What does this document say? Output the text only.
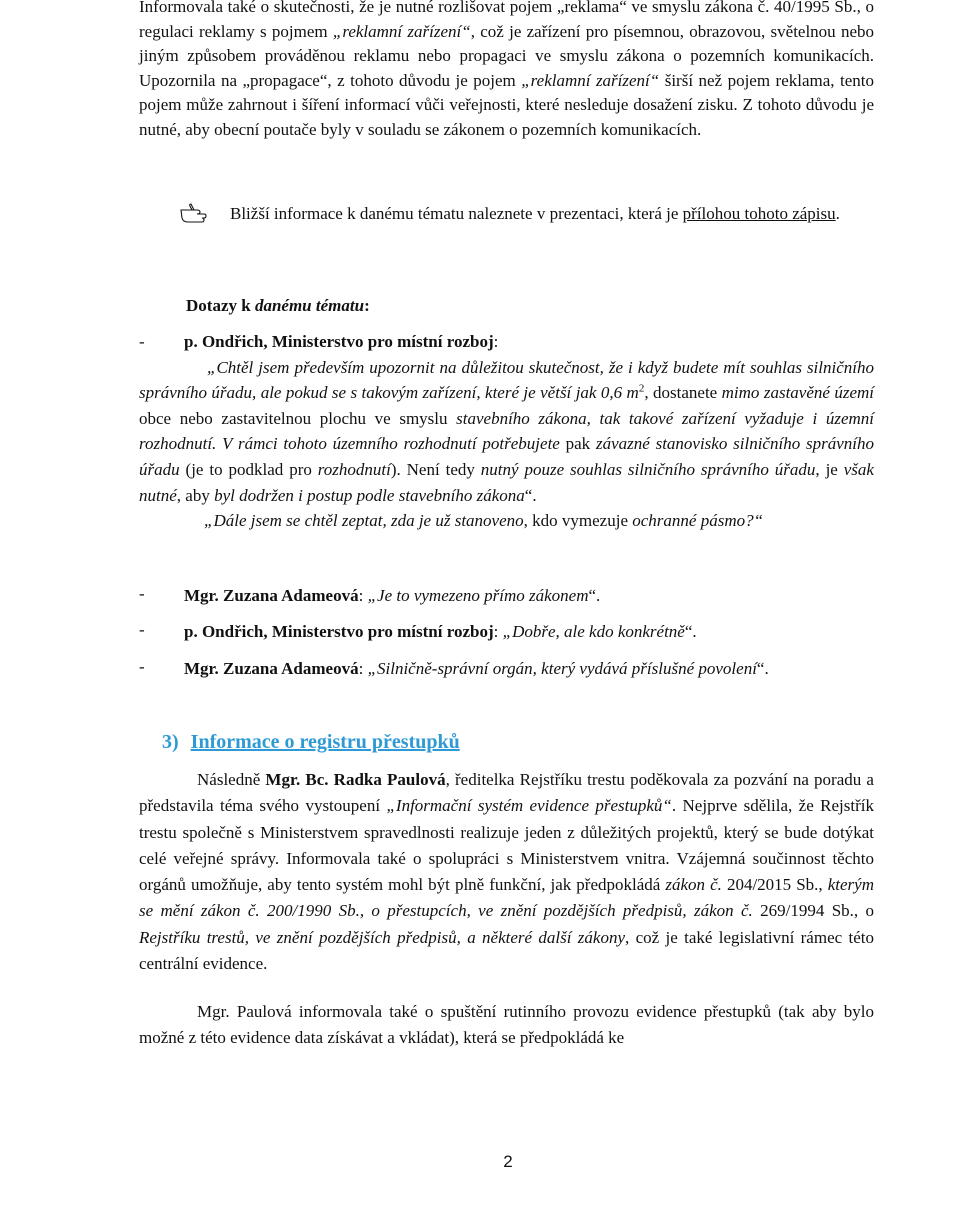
Informovala také o skutečnosti, že je nutné rozlišovat pojem „reklama“ ve smyslu zákona č. 40/1995 Sb., o regulaci reklamy s pojmem „reklamní zařízení“, což je zařízení pro písemnou, obrazovou, světelnou nebo jiným způsobem prováděnou reklamu nebo propagaci ve smyslu zákona o pozemních komunikacích. Upozornila na „propagace“, z tohoto důvodu je pojem „reklamní zařízení“ širší než pojem reklama, tento pojem může zahrnout i šíření informací vůči veřejnosti, které nesleduje dosažení zisku. Z tohoto důvodu je nutné, aby obecní poutače byly v souladu se zákonem o pozemních komunikacích.

Bližší informace k danému tématu naleznete v prezentaci, která je přílohou tohoto zápisu.
Dotazy k danému tématu:
-	p. Ondřich, Ministerstvo pro místní rozboj:

„Chtěl jsem především upozornit na důležitou skutečnost, že i když budete mít souhlas silničního správního úřadu, ale pokud se s takovým zařízení, které je větší jak 0,6 $m^2$, dostanete mimo zastavěné území obce nebo zastavitelnou plochu ve smyslu stavebního zákona, tak takové zařízení vyžaduje i územní rozhodnutí. V rámci tohoto územního rozhodnutí potřebujete pak závazné stanovisko silničního správního úřadu (je to podklad pro rozhodnutí). Není tedy nutný pouze souhlas silničního správního úřadu, je však nutné, aby byl dodržen i postup podle stavebního zákona“.

„Dále jsem se chtěl zeptat, zda je už stanoveno, kdo vymezuje ochranné pásmo?“

-	Mgr. Zuzana Adameová: „Je to vymezeno přímo zákonem“.
-	p. Ondřich, Ministerstvo pro místní rozboj: „Dobře, ale kdo konkrétně“.
-	Mgr. Zuzana Adameová: „Silničně-správní orgán, který vydává příslušné povolení“.
3) Informace o registru přestupků

Následně Mgr. Bc. Radka Paulová, ředitelka Rejstříku trestu poděkovala za pozvání na poradu a představila téma svého vystoupení „Informační systém evidence přestupků“. Nejprve sdělila, že Rejstřík trestu společně s Ministerstvem spravedlnosti realizuje jeden z důležitých projektů, který se bude dotýkat celé veřejné správy. Informovala také o spolupráci s Ministerstvem vnitra. Vzájemná součinnost těchto orgánů umožňuje, aby tento systém mohl být plně funkční, jak předpokládá zákon č. 204/2015 Sb., kterým se mění zákon č. 200/1990 Sb., o přestupcích, ve znění pozdějších předpisů, zákon č. 269/1994 Sb., o Rejstříku trestů, ve znění pozdějších předpisů, a některé další zákony, což je také legislativní rámec této centrální evidence.

Mgr. Paulová informovala také o spuštění rutinního provozu evidence přestupků (tak aby bylo možné z této evidence data získávat a vkládat), která se předpokládá ke

2
